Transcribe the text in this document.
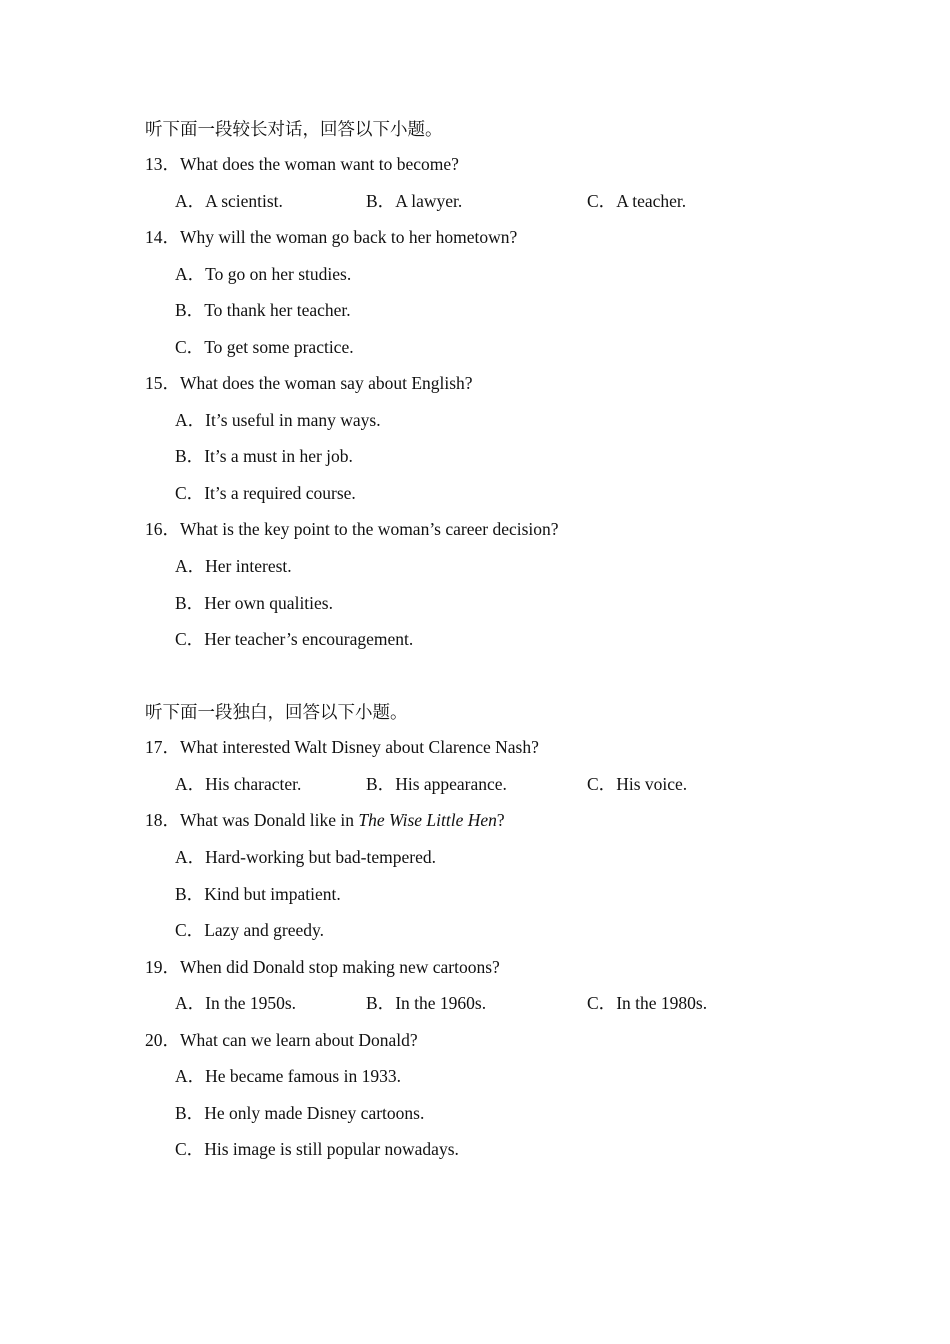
听下面一段较长对话，回答以下小题。
13．What does the woman want to become?
A．A scientist.	B．A lawyer.	C．A teacher.
14．Why will the woman go back to her hometown?
A．To go on her studies.
B．To thank her teacher.
C．To get some practice.
15．What does the woman say about English?
A．It’s useful in many ways.
B．It’s a must in her job.
C．It’s a required course.
16．What is the key point to the woman’s career decision?
A．Her interest.
B．Her own qualities.
C．Her teacher’s encouragement.
听下面一段独白，回答以下小题。
17．What interested Walt Disney about Clarence Nash?
A．His character.	B．His appearance.	C．His voice.
18．What was Donald like in The Wise Little Hen?
A．Hard-working but bad-tempered.
B．Kind but impatient.
C．Lazy and greedy.
19．When did Donald stop making new cartoons?
A．In the 1950s.	B．In the 1960s.	C．In the 1980s.
20．What can we learn about Donald?
A．He became famous in 1933.
B．He only made Disney cartoons.
C．His image is still popular nowadays.
